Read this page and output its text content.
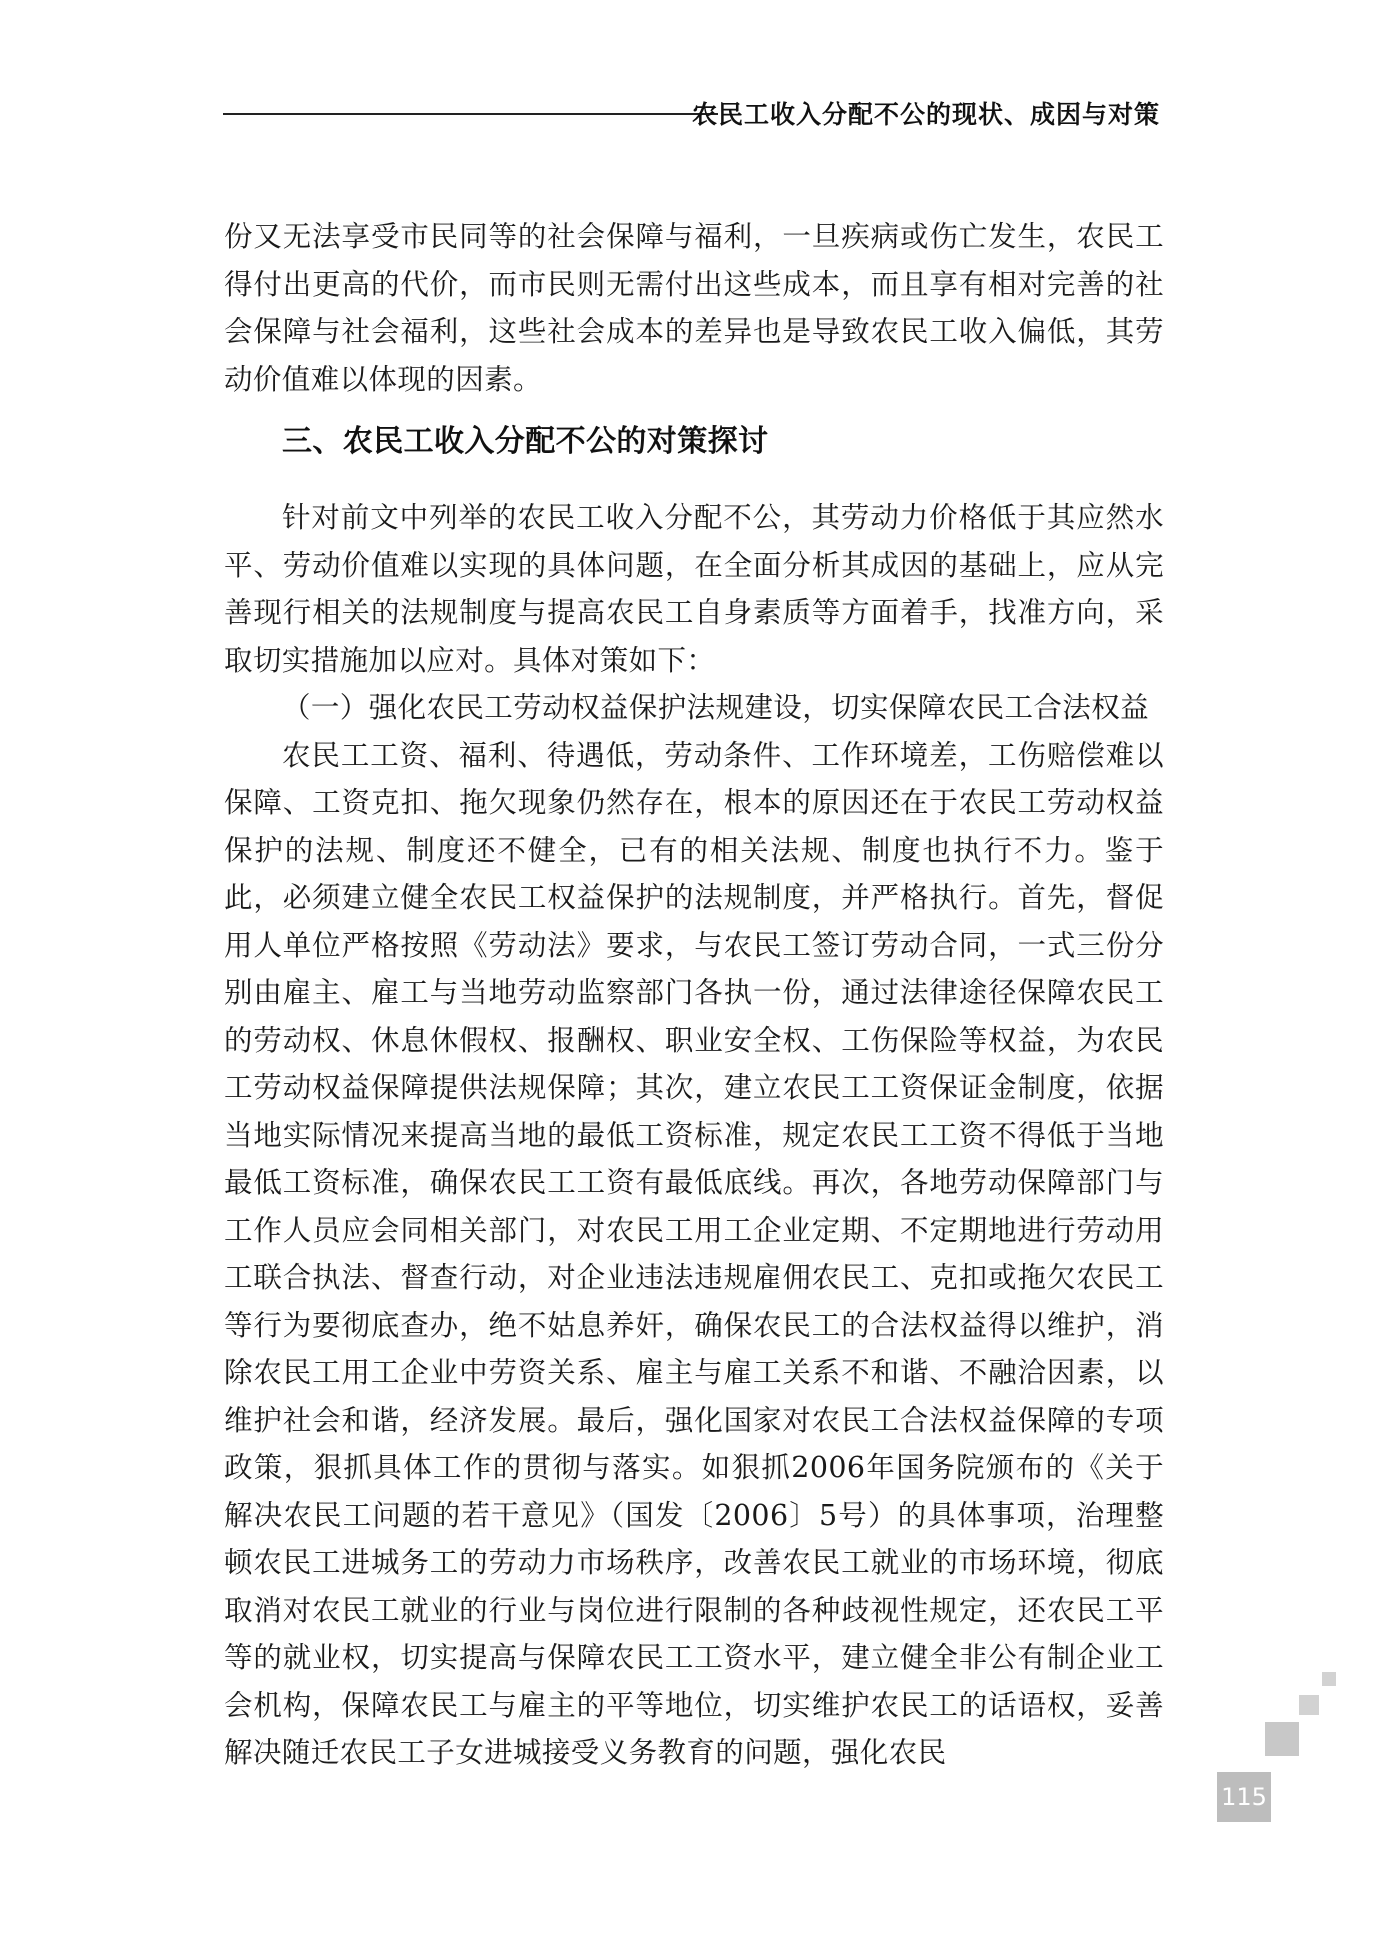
农民工收入分配不公的现状、成因与对策

份又无法享受市民同等的社会保障与福利，一旦疾病或伤亡发生，农民工得付出更高的代价，而市民则无需付出这些成本，而且享有相对完善的社会保障与社会福利，这些社会成本的差异也是导致农民工收入偏低，其劳动价值难以体现的因素。

三、农民工收入分配不公的对策探讨

针对前文中列举的农民工收入分配不公，其劳动力价格低于其应然水平、劳动价值难以实现的具体问题，在全面分析其成因的基础上，应从完善现行相关的法规制度与提高农民工自身素质等方面着手，找准方向，采取切实措施加以应对。具体对策如下：

（一）强化农民工劳动权益保护法规建设，切实保障农民工合法权益

农民工工资、福利、待遇低，劳动条件、工作环境差，工伤赔偿难以保障、工资克扣、拖欠现象仍然存在，根本的原因还在于农民工劳动权益保护的法规、制度还不健全，已有的相关法规、制度也执行不力。鉴于此，必须建立健全农民工权益保护的法规制度，并严格执行。首先，督促用人单位严格按照《劳动法》要求，与农民工签订劳动合同，一式三份分别由雇主、雇工与当地劳动监察部门各执一份，通过法律途径保障农民工的劳动权、休息休假权、报酬权、职业安全权、工伤保险等权益，为农民工劳动权益保障提供法规保障；其次，建立农民工工资保证金制度，依据当地实际情况来提高当地的最低工资标准，规定农民工工资不得低于当地最低工资标准，确保农民工工资有最低底线。再次，各地劳动保障部门与工作人员应会同相关部门，对农民工用工企业定期、不定期地进行劳动用工联合执法、督查行动，对企业违法违规雇佣农民工、克扣或拖欠农民工等行为要彻底查办，绝不姑息养奸，确保农民工的合法权益得以维护，消除农民工用工企业中劳资关系、雇主与雇工关系不和谐、不融洽因素，以维护社会和谐，经济发展。最后，强化国家对农民工合法权益保障的专项政策，狠抓具体工作的贯彻与落实。如狠抓2006年国务院颁布的《关于解决农民工问题的若干意见》（国发〔2006〕5号）的具体事项，治理整顿农民工进城务工的劳动力市场秩序，改善农民工就业的市场环境，彻底取消对农民工就业的行业与岗位进行限制的各种歧视性规定，还农民工平等的就业权，切实提高与保障农民工工资水平，建立健全非公有制企业工会机构，保障农民工与雇主的平等地位，切实维护农民工的话语权，妥善解决随迁农民工子女进城接受义务教育的问题，强化农民

115
